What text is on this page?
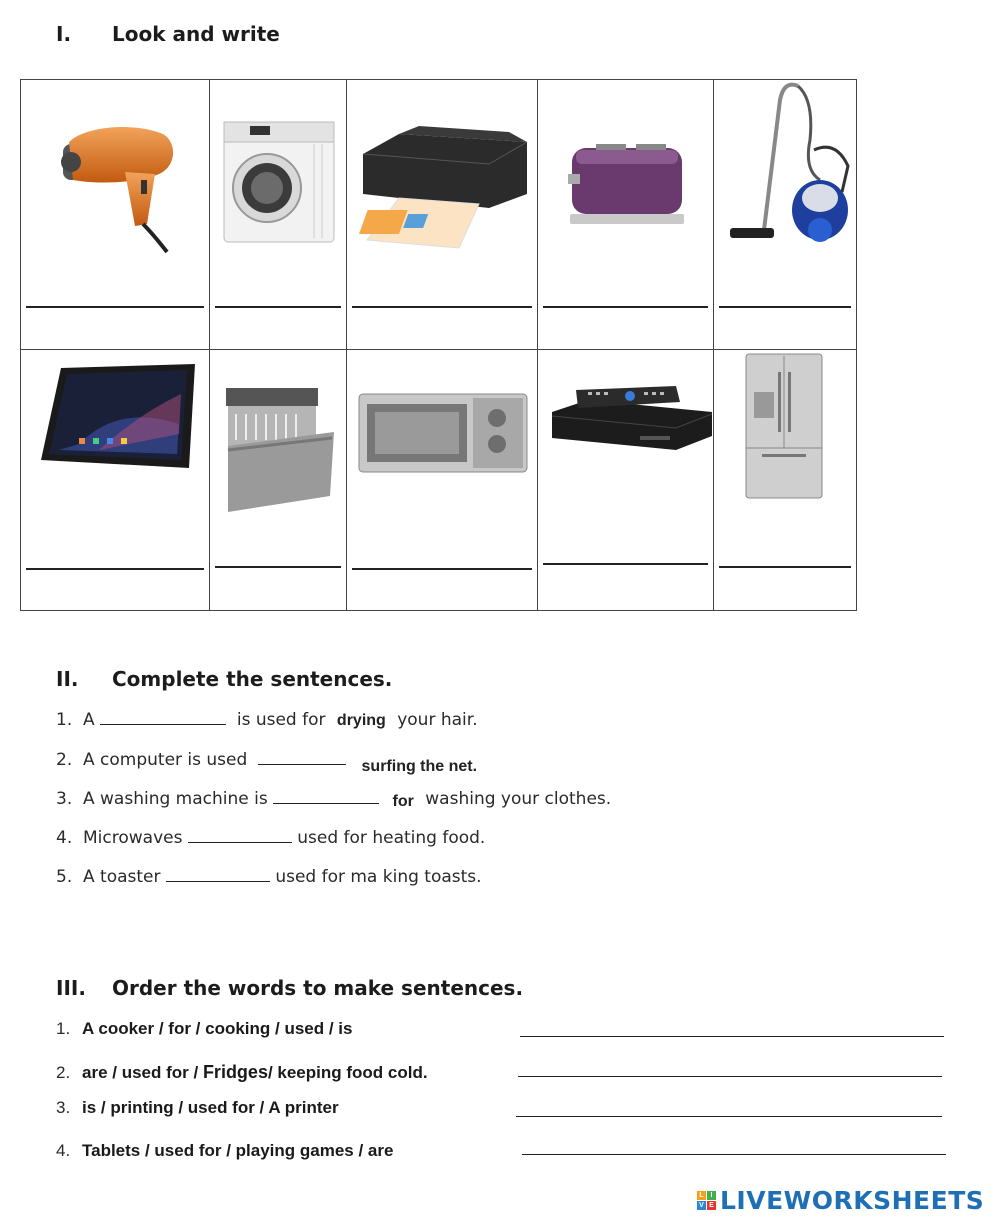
I. Look and write

II. Complete the sentences.
1. A	is used for drying your hair.
2. A computer is used	surfing the net.
3. A washing machine is	for washing your clothes.
4. Microwaves	used for heating food.
5. A toaster	used for ma king toasts.
III. Order the words to make sentences.
1. A cooker / for / cooking / used / is
2. are / used for / Fridges/ keeping food cold.
3. is / printing / used for / A printer
4. Tablets / used for / playing games / are
L I
V E LIVEWORKSHEETS
